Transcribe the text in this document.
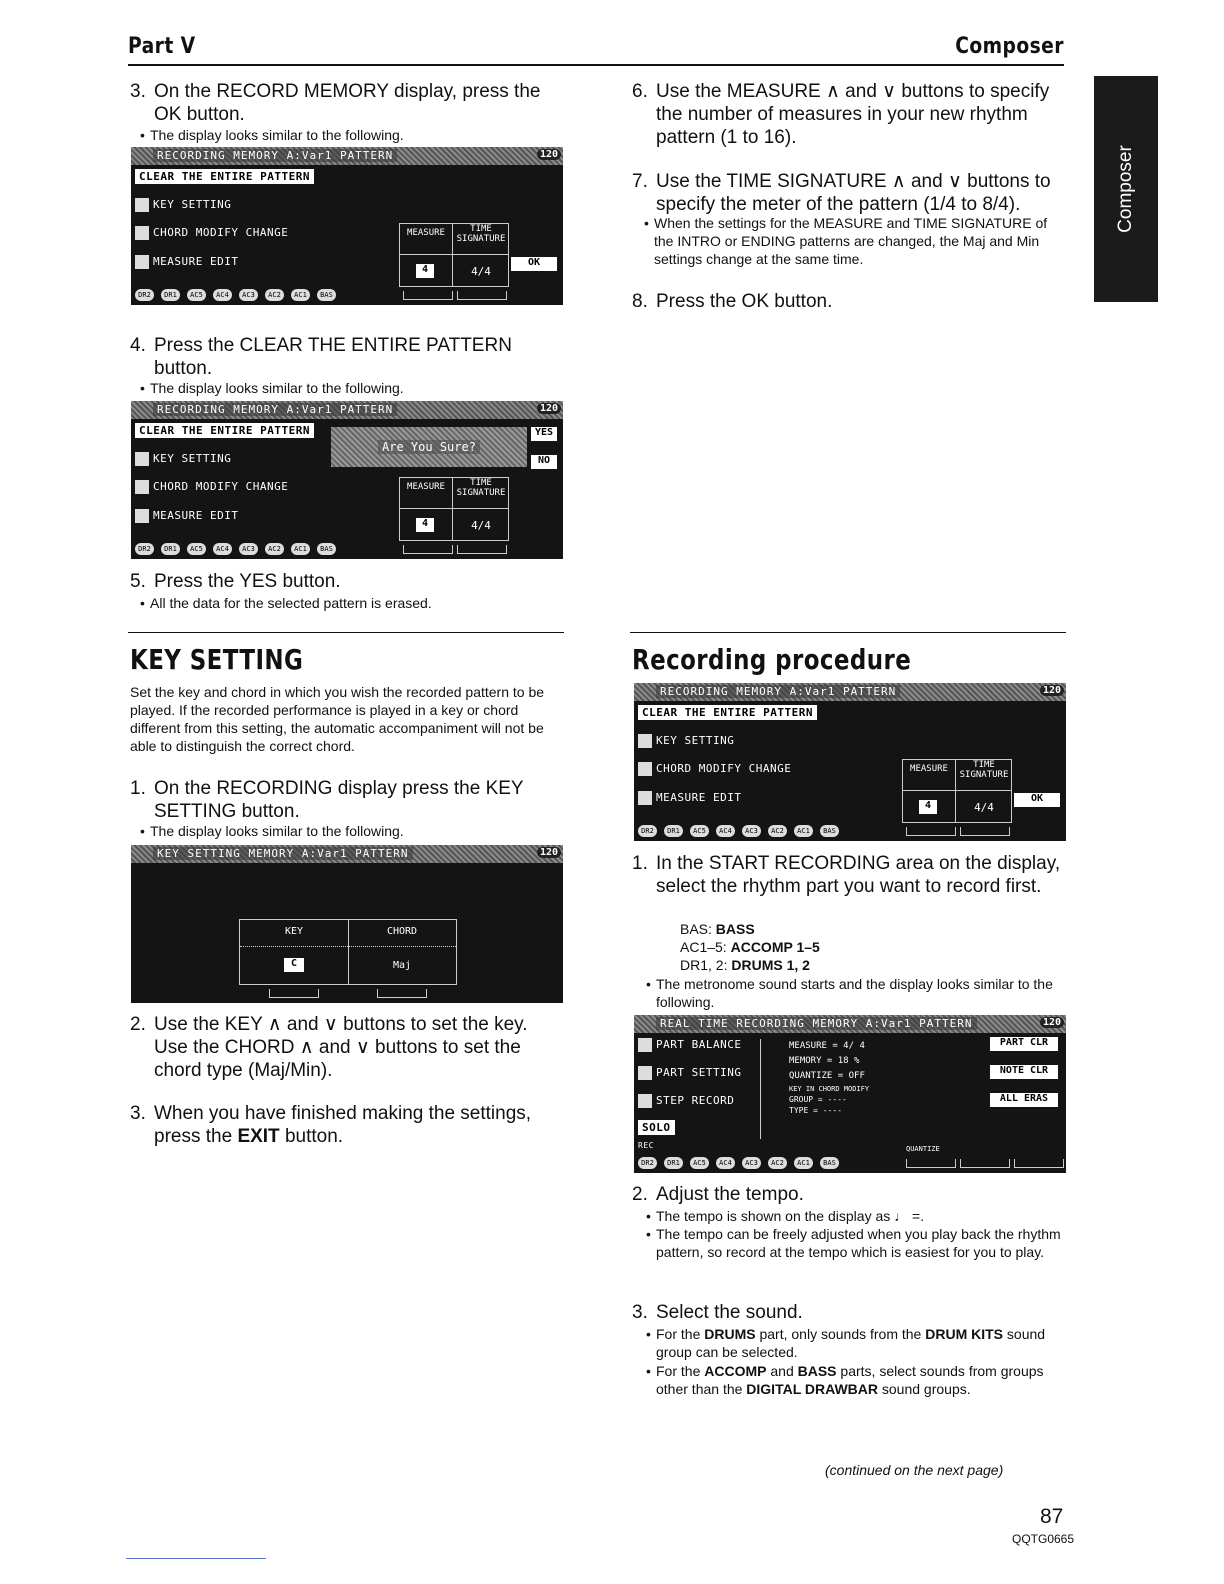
Part V	Composer
Composer
3. On the RECORD MEMORY display, press the OK button.
• The display looks similar to the following.
RECORDING MEMORY A:Var1 PATTERN	120
CLEAR THE ENTIRE PATTERN
KEY SETTING
CHORD MODIFY CHANGE
MEASURE EDIT
MEASURE	TIME SIGNATURE
4	4/4
OK
DR2	DR1	AC5	AC4	AC3	AC2	AC1	BAS
4. Press the CLEAR THE ENTIRE PATTERN button.
• The display looks similar to the following.
RECORDING MEMORY A:Var1 PATTERN	120
CLEAR THE ENTIRE PATTERN
KEY SETTING
CHORD MODIFY CHANGE
MEASURE EDIT
Are You Sure?
YES
NO
MEASURE	TIME SIGNATURE
4	4/4
DR2	DR1	AC5	AC4	AC3	AC2	AC1	BAS
5. Press the YES button.
• All the data for the selected pattern is erased.
KEY SETTING
Set the key and chord in which you wish the recorded pattern to be played. If the recorded performance is played in a key or chord different from this setting, the automatic accompaniment will not be able to distinguish the correct chord.
1. On the RECORDING display press the KEY SETTING button.
• The display looks similar to the following.
KEY SETTING MEMORY A:Var1 PATTERN	120
KEY	CHORD
C	Maj
2. Use the KEY ∧ and ∨ buttons to set the key. Use the CHORD ∧ and ∨ buttons to set the chord type (Maj/Min).
3. When you have finished making the settings, press the EXIT button.
6. Use the MEASURE ∧ and ∨ buttons to specify the number of measures in your new rhythm pattern (1 to 16).
7. Use the TIME SIGNATURE ∧ and ∨ buttons to specify the meter of the pattern (1/4 to 8/4).
• When the settings for the MEASURE and TIME SIGNATURE of the INTRO or ENDING patterns are changed, the Maj and Min settings change at the same time.
8. Press the OK button.
Recording procedure
RECORDING MEMORY A:Var1 PATTERN	120
CLEAR THE ENTIRE PATTERN
KEY SETTING
CHORD MODIFY CHANGE
MEASURE EDIT
MEASURE	TIME SIGNATURE
4	4/4
OK
DR2	DR1	AC5	AC4	AC3	AC2	AC1	BAS
1. In the START RECORDING area on the display, select the rhythm part you want to record first.
BAS: BASS
AC1–5: ACCOMP 1–5
DR1, 2: DRUMS 1, 2
• The metronome sound starts and the display looks similar to the following.
REAL TIME RECORDING MEMORY A:Var1 PATTERN	120
PART BALANCE
PART SETTING
STEP RECORD
SOLO
REC
MEASURE = 4/ 4
MEMORY = 18 %
QUANTIZE = OFF
KEY IN CHORD MODIFY
GROUP = ----
TYPE = ----
QUANTIZE
PART CLR
NOTE CLR
ALL ERAS
DR2	DR1	AC5	AC4	AC3	AC2	AC1	BAS
2. Adjust the tempo.
• The tempo is shown on the display as ♩ =.
• The tempo can be freely adjusted when you play back the rhythm pattern, so record at the tempo which is easiest for you to play.
3. Select the sound.
• For the DRUMS part, only sounds from the DRUM KITS sound group can be selected.
• For the ACCOMP and BASS parts, select sounds from groups other than the DIGITAL DRAWBAR sound groups.
(continued on the next page)
87
QQTG0665
